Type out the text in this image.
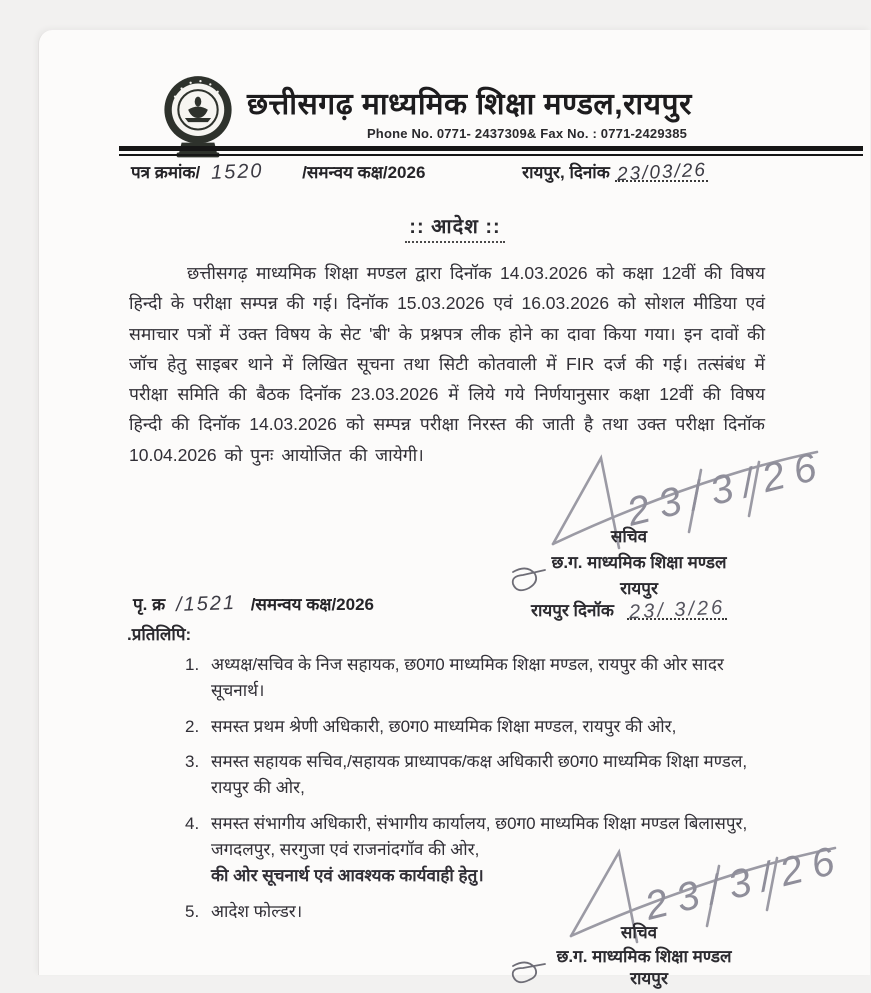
छत्तीसगढ़ माध्यमिक शिक्षा मण्डल,रायपुर
Phone No. 0771- 2437309& Fax No. : 0771-2429385
पत्र क्रमांक/ 1520 /समन्वय कक्ष/2026	रायपुर, दिनांक 23/03/26
:: आदेश ::
छत्तीसगढ़ माध्यमिक शिक्षा मण्डल द्वारा दिनॉक 14.03.2026 को कक्षा 12वीं की विषय हिन्दी के परीक्षा सम्पन्न की गई। दिनॉक 15.03.2026 एवं 16.03.2026 को सोशल मीडिया एवं समाचार पत्रों में उक्त विषय के सेट 'बी' के प्रश्नपत्र लीक होने का दावा किया गया। इन दावों की जॉच हेतु साइबर थाने में लिखित सूचना तथा सिटी कोतवाली में FIR दर्ज की गई। तत्संबंध में परीक्षा समिति की बैठक दिनॉक 23.03.2026 में लिये गये निर्णयानुसार कक्षा 12वीं की विषय हिन्दी की दिनॉक 14.03.2026 को सम्पन्न परीक्षा निरस्त की जाती है तथा उक्त परीक्षा दिनॉक 10.04.2026 को पुनः आयोजित की जायेगी।	23/3/26
सचिव
छ.ग. माध्यमिक शिक्षा मण्डल
रायपुर
रायपुर दिनॉक 23/ 3/26
पृ. क्र /1521 /समन्वय कक्ष/2026
.प्रतिलिपि:
1. अध्यक्ष/सचिव के निज सहायक, छ0ग0 माध्यमिक शिक्षा मण्डल, रायपुर की ओर सादर सूचनार्थ।
2. समस्त प्रथम श्रेणी अधिकारी, छ0ग0 माध्यमिक शिक्षा मण्डल, रायपुर की ओर,
3. समस्त सहायक सचिव,/सहायक प्राध्यापक/कक्ष अधिकारी छ0ग0 माध्यमिक शिक्षा मण्डल, रायपुर की ओर,
4. समस्त संभागीय अधिकारी, संभागीय कार्यालय, छ0ग0 माध्यमिक शिक्षा मण्डल बिलासपुर, जगदलपुर, सरगुजा एवं राजनांदगॉव की ओर,
की ओर सूचनार्थ एवं आवश्यक कार्यवाही हेतु।
5. आदेश फोल्डर।	23/3/26
सचिव
छ.ग. माध्यमिक शिक्षा मण्डल
रायपुर
